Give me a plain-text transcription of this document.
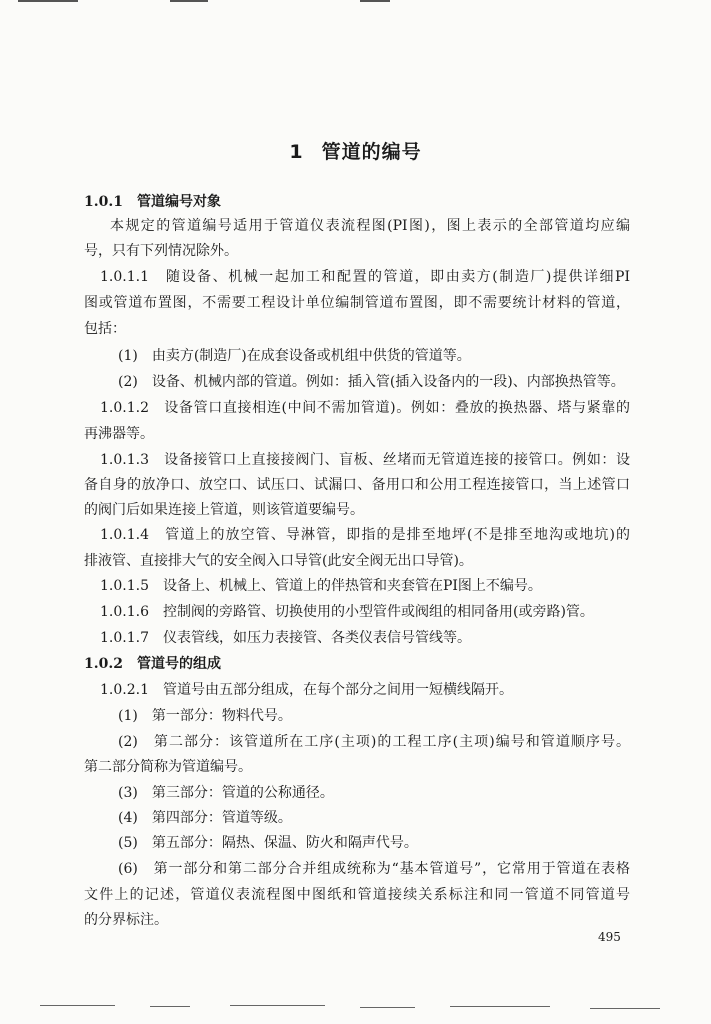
1 管道的编号
1.0.1　管道编号对象
本规定的管道编号适用于管道仪表流程图(PI图)，图上表示的全部管道均应编
号，只有下列情况除外。
1.0.1.1　随设备、机械一起加工和配置的管道，即由卖方(制造厂)提供详细PI
图或管道布置图，不需要工程设计单位编制管道布置图，即不需要统计材料的管道，
包括：
(1)　由卖方(制造厂)在成套设备或机组中供货的管道等。
(2)　设备、机械内部的管道。例如：插入管(插入设备内的一段)、内部换热管等。
1.0.1.2　设备管口直接相连(中间不需加管道)。例如：叠放的换热器、塔与紧靠的
再沸器等。
1.0.1.3　设备接管口上直接接阀门、盲板、丝堵而无管道连接的接管口。例如：设
备自身的放净口、放空口、试压口、试漏口、备用口和公用工程连接管口，当上述管口
的阀门后如果连接上管道，则该管道要编号。
1.0.1.4　管道上的放空管、导淋管，即指的是排至地坪(不是排至地沟或地坑)的
排液管、直接排大气的安全阀入口导管(此安全阀无出口导管)。
1.0.1.5　设备上、机械上、管道上的伴热管和夹套管在PI图上不编号。
1.0.1.6　控制阀的旁路管、切换使用的小型管件或阀组的相同备用(或旁路)管。
1.0.1.7　仪表管线，如压力表接管、各类仪表信号管线等。
1.0.2　管道号的组成
1.0.2.1　管道号由五部分组成，在每个部分之间用一短横线隔开。
(1)　第一部分：物料代号。
(2)　第二部分：该管道所在工序(主项)的工程工序(主项)编号和管道顺序号。
第二部分简称为管道编号。
(3)　第三部分：管道的公称通径。
(4)　第四部分：管道等级。
(5)　第五部分：隔热、保温、防火和隔声代号。
(6)　第一部分和第二部分合并组成统称为“基本管道号”，它常用于管道在表格
文件上的记述，管道仪表流程图中图纸和管道接续关系标注和同一管道不同管道号
的分界标注。
495
